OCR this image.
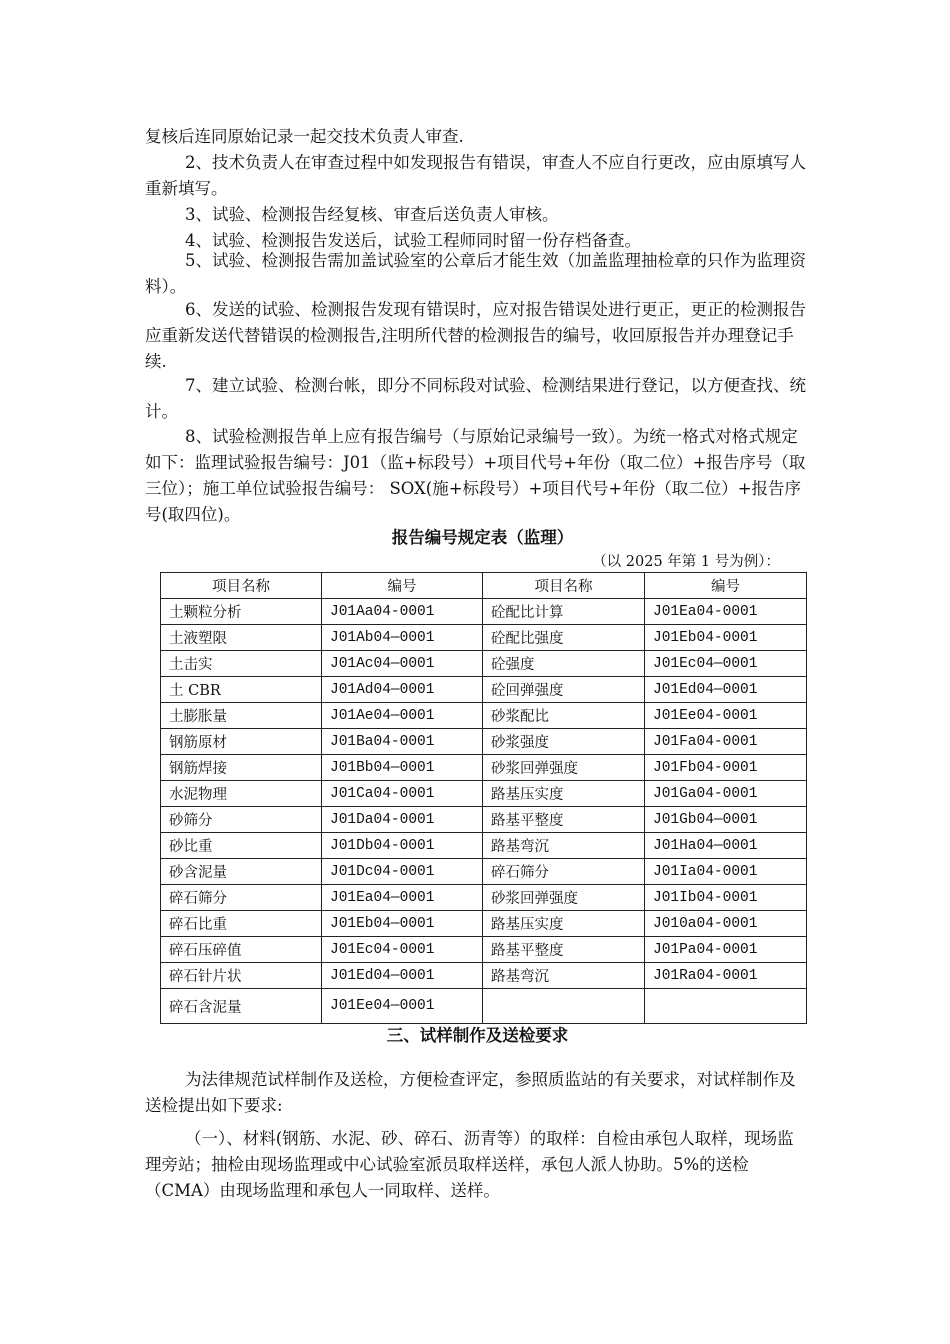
复核后连同原始记录一起交技术负责人审查.

2、技术负责人在审查过程中如发现报告有错误，审查人不应自行更改，应由原填写人重新填写。

3、试验、检测报告经复核、审查后送负责人审核。

4、试验、检测报告发送后，试验工程师同时留一份存档备查。

5、试验、检测报告需加盖试验室的公章后才能生效（加盖监理抽检章的只作为监理资料）。

6、发送的试验、检测报告发现有错误时，应对报告错误处进行更正，更正的检测报告应重新发送代替错误的检测报告,注明所代替的检测报告的编号，收回原报告并办理登记手续.

7、建立试验、检测台帐，即分不同标段对试验、检测结果进行登记，以方便查找、统计。

8、试验检测报告单上应有报告编号（与原始记录编号一致）。为统一格式对格式规定如下：监理试验报告编号：J01（监+标段号）+项目代号+年份（取二位）+报告序号（取三位）；施工单位试验报告编号： SOX(施+标段号）+项目代号+年份（取二位）+报告序号(取四位)。

报告编号规定表（监理）

（以 2025 年第 1 号为例）：

项目名称	编号	项目名称	编号
土颗粒分析	J01Aa04-0001	砼配比计算	J01Ea04-0001
土液塑限	J01Ab04—0001	砼配比强度	J01Eb04-0001
土击实	J01Ac04—0001	砼强度	J01Ec04—0001
土 CBR	J01Ad04—0001	砼回弹强度	J01Ed04—0001
土膨胀量	J01Ae04—0001	砂浆配比	J01Ee04-0001
钢筋原材	J01Ba04-0001	砂浆强度	J01Fa04-0001
钢筋焊接	J01Bb04—0001	砂浆回弹强度	J01Fb04-0001
水泥物理	J01Ca04-0001	路基压实度	J01Ga04-0001
砂筛分	J01Da04-0001	路基平整度	J01Gb04—0001
砂比重	J01Db04-0001	路基弯沉	J01Ha04—0001
砂含泥量	J01Dc04-0001	碎石筛分	J01Ia04-0001
碎石筛分	J01Ea04—0001	砂浆回弹强度	J01Ib04-0001
碎石比重	J01Eb04—0001	路基压实度	J010a04-0001
碎石压碎值	J01Ec04-0001	路基平整度	J01Pa04-0001
碎石针片状	J01Ed04—0001	路基弯沉	J01Ra04-0001
碎石含泥量	J01Ee04—0001		

三、试样制作及送检要求

为法律规范试样制作及送检，方便检查评定，参照质监站的有关要求，对试样制作及送检提出如下要求:

（一）、材料(钢筋、水泥、砂、碎石、沥青等）的取样：自检由承包人取样，现场监理旁站；抽检由现场监理或中心试验室派员取样送样，承包人派人协助。5%的送检（CMA）由现场监理和承包人一同取样、送样。
